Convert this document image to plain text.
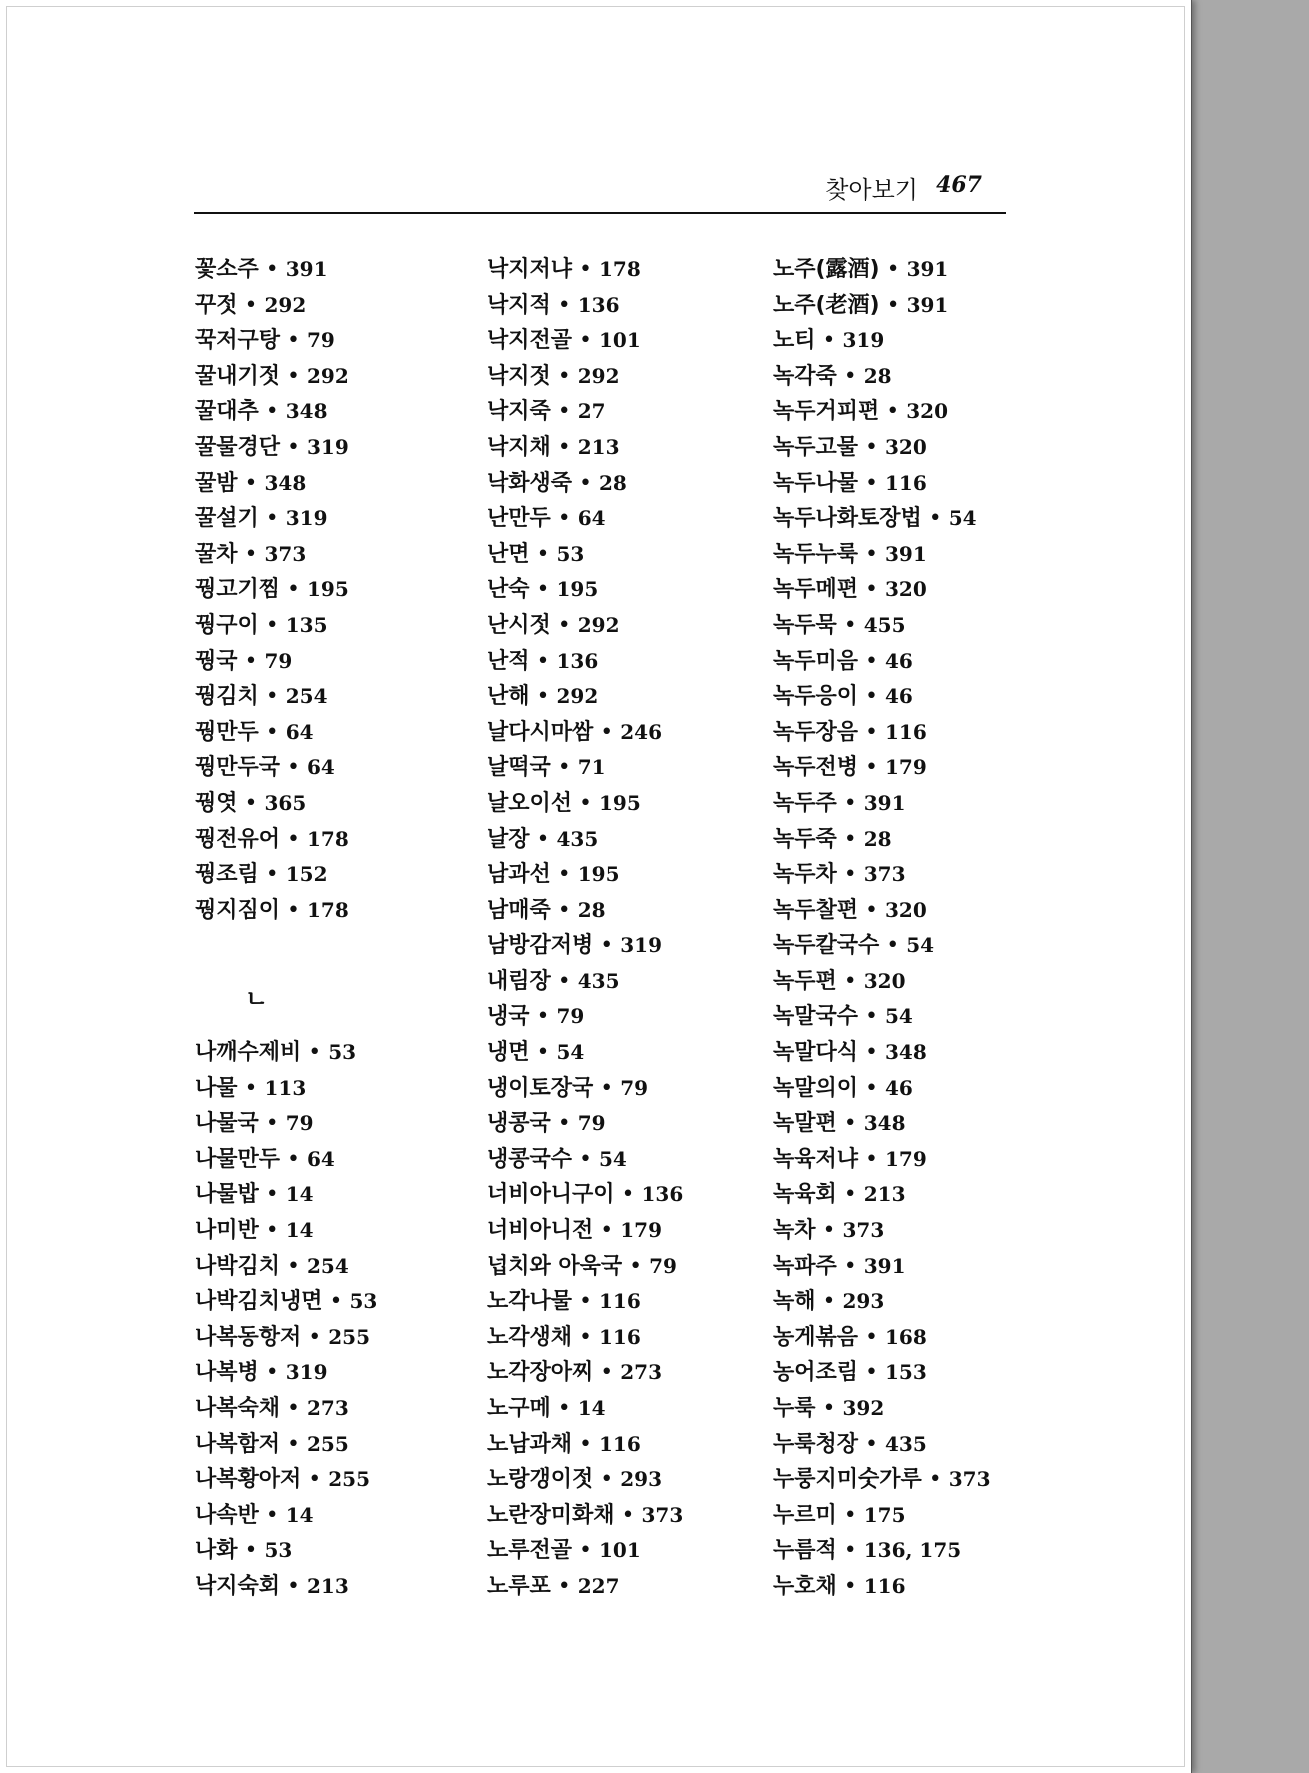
찾아보기 467
꽃소주 • 391
꾸젓 • 292
꾹저구탕 • 79
꿀내기젓 • 292
꿀대추 • 348
꿀물경단 • 319
꿀밤 • 348
꿀설기 • 319
꿀차 • 373
꿩고기찜 • 195
꿩구이 • 135
꿩국 • 79
꿩김치 • 254
꿩만두 • 64
꿩만두국 • 64
꿩엿 • 365
꿩전유어 • 178
꿩조림 • 152
꿩지짐이 • 178
ㄴ
나깨수제비 • 53
나물 • 113
나물국 • 79
나물만두 • 64
나물밥 • 14
나미반 • 14
나박김치 • 254
나박김치냉면 • 53
나복동항저 • 255
나복병 • 319
나복숙채 • 273
나복함저 • 255
나복황아저 • 255
나속반 • 14
나화 • 53
낙지숙회 • 213
낙지저냐 • 178
낙지적 • 136
낙지전골 • 101
낙지젓 • 292
낙지죽 • 27
낙지채 • 213
낙화생죽 • 28
난만두 • 64
난면 • 53
난숙 • 195
난시젓 • 292
난적 • 136
난해 • 292
날다시마쌈 • 246
날떡국 • 71
날오이선 • 195
날장 • 435
남과선 • 195
남매죽 • 28
남방감저병 • 319
내림장 • 435
냉국 • 79
냉면 • 54
냉이토장국 • 79
냉콩국 • 79
냉콩국수 • 54
너비아니구이 • 136
너비아니전 • 179
넙치와 아욱국 • 79
노각나물 • 116
노각생채 • 116
노각장아찌 • 273
노구메 • 14
노남과채 • 116
노랑갱이젓 • 293
노란장미화채 • 373
노루전골 • 101
노루포 • 227
노주(露酒) • 391
노주(老酒) • 391
노티 • 319
녹각죽 • 28
녹두거피편 • 320
녹두고물 • 320
녹두나물 • 116
녹두나화토장법 • 54
녹두누룩 • 391
녹두메편 • 320
녹두묵 • 455
녹두미음 • 46
녹두응이 • 46
녹두장음 • 116
녹두전병 • 179
녹두주 • 391
녹두죽 • 28
녹두차 • 373
녹두찰편 • 320
녹두칼국수 • 54
녹두편 • 320
녹말국수 • 54
녹말다식 • 348
녹말의이 • 46
녹말편 • 348
녹육저냐 • 179
녹육회 • 213
녹차 • 373
녹파주 • 391
녹해 • 293
농게볶음 • 168
농어조림 • 153
누룩 • 392
누룩청장 • 435
누룽지미숫가루 • 373
누르미 • 175
누름적 • 136, 175
누호채 • 116
